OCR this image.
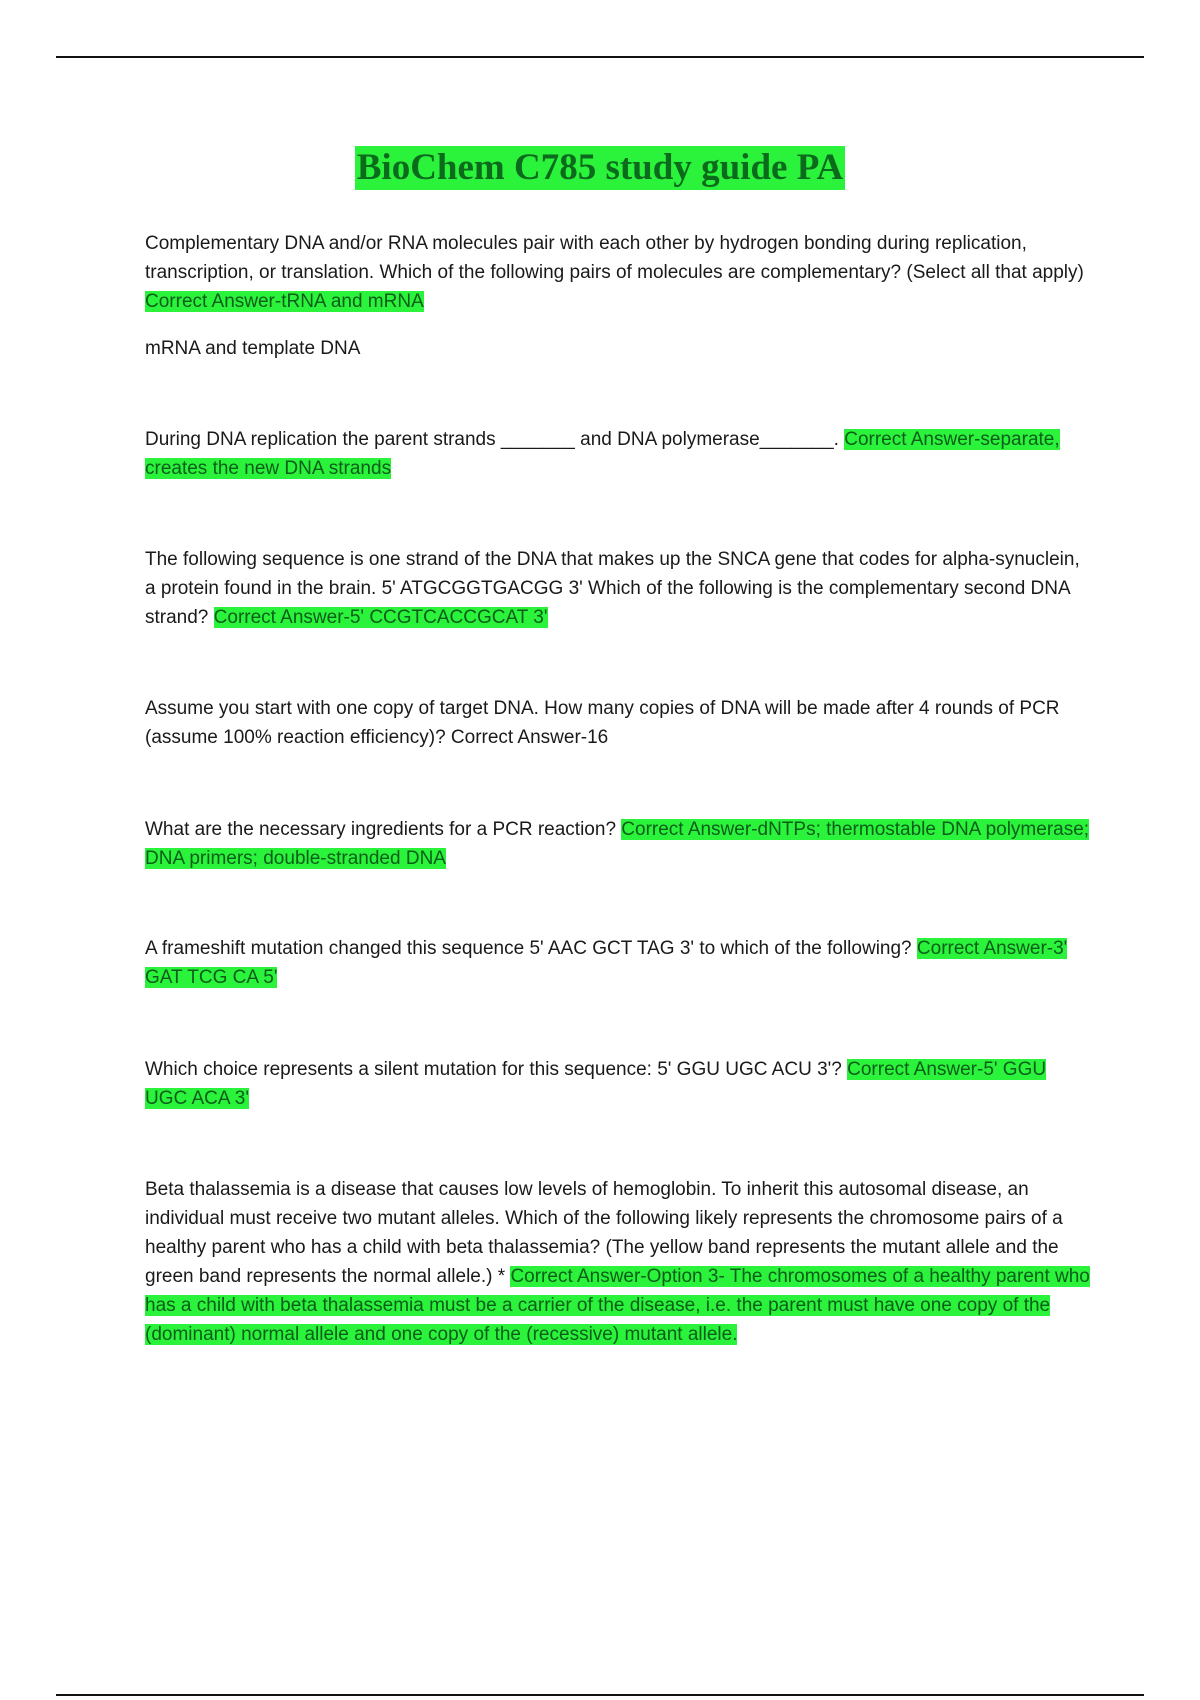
BioChem C785 study guide PA

Complementary DNA and/or RNA molecules pair with each other by hydrogen bonding during replication, transcription, or translation. Which of the following pairs of molecules are complementary? (Select all that apply) Correct Answer-tRNA and mRNA

mRNA and template DNA

During DNA replication the parent strands _______ and DNA polymerase_______. Correct Answer-separate, creates the new DNA strands

The following sequence is one strand of the DNA that makes up the SNCA gene that codes for alpha-synuclein, a protein found in the brain. 5' ATGCGGTGACGG 3' Which of the following is the complementary second DNA strand? Correct Answer-5' CCGTCACCGCAT 3'

Assume you start with one copy of target DNA. How many copies of DNA will be made after 4 rounds of PCR (assume 100% reaction efficiency)? Correct Answer-16

What are the necessary ingredients for a PCR reaction? Correct Answer-dNTPs; thermostable DNA polymerase; DNA primers; double-stranded DNA

A frameshift mutation changed this sequence 5' AAC GCT TAG 3' to which of the following? Correct Answer-3' GAT TCG CA 5'

Which choice represents a silent mutation for this sequence: 5' GGU UGC ACU 3'? Correct Answer-5' GGU UGC ACA 3'

Beta thalassemia is a disease that causes low levels of hemoglobin. To inherit this autosomal disease, an individual must receive two mutant alleles. Which of the following likely represents the chromosome pairs of a healthy parent who has a child with beta thalassemia? (The yellow band represents the mutant allele and the green band represents the normal allele.) * Correct Answer-Option 3- The chromosomes of a healthy parent who has a child with beta thalassemia must be a carrier of the disease, i.e. the parent must have one copy of the (dominant) normal allele and one copy of the (recessive) mutant allele.
